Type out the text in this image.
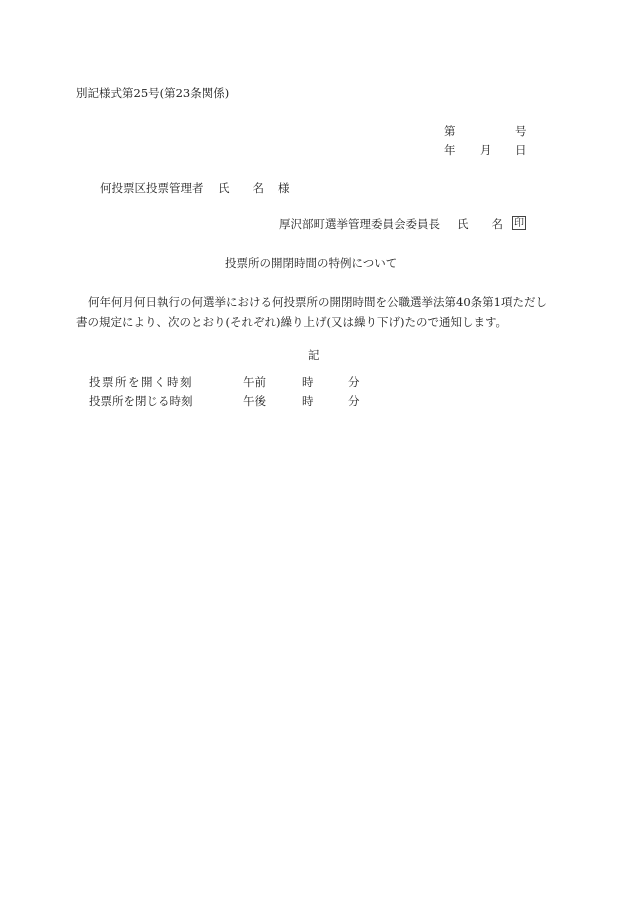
別記様式第25号(第23条関係)
第	号
年 月 日
何投票区投票管理者 氏　　名 様
厚沢部町選挙管理委員会委員長 氏　　名 印
投票所の開閉時間の特例について
何年何月何日執行の何選挙における何投票所の開閉時間を公職選挙法第40条第1項ただし書の規定により、次のとおり(それぞれ)繰り上げ(又は繰り下げ)たので通知します。
記
投票所を開く時刻	午前	時	分
投票所を閉じる時刻	午後	時	分
